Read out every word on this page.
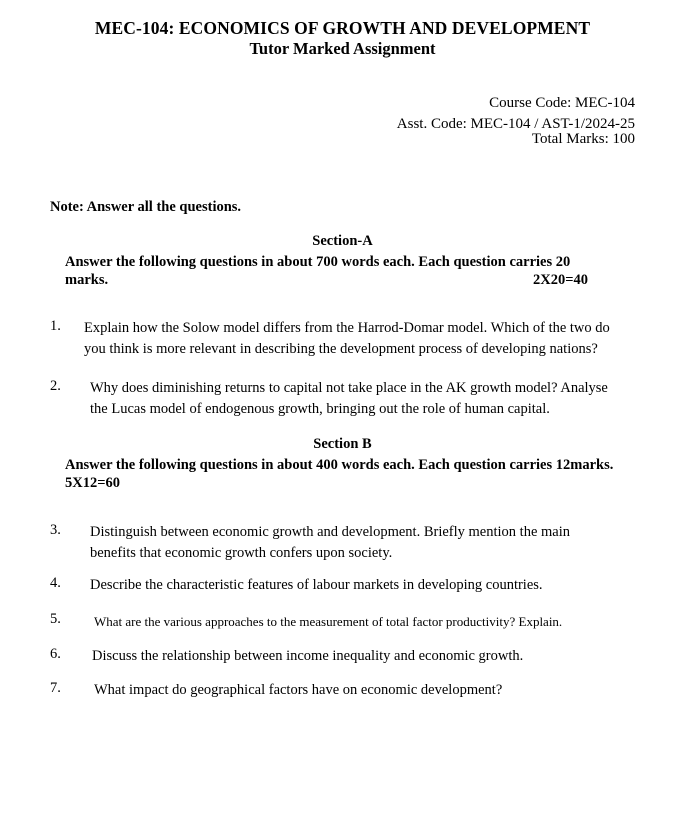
MEC-104: ECONOMICS OF GROWTH AND DEVELOPMENT
Tutor Marked Assignment
Course Code: MEC-104
Asst. Code: MEC-104 / AST-1/2024-25
Total Marks: 100
Note: Answer all the questions.
Section-A
Answer the following questions in about 700 words each. Each question carries 20
marks.	2X20=40
1. Explain how the Solow model differs from the Harrod-Domar model. Which of the two do
you think is more relevant in describing the development process of developing nations?
2. Why does diminishing returns to capital not take place in the AK growth model? Analyse
the Lucas model of endogenous growth, bringing out the role of human capital.
Section B
Answer the following questions in about 400 words each. Each question carries 12marks.
5X12=60
3. Distinguish between economic growth and development. Briefly mention the main
benefits that economic growth confers upon society.
4. Describe the characteristic features of labour markets in developing countries.
5.	What are the various approaches to the measurement of total factor productivity? Explain.
6. Discuss the relationship between income inequality and economic growth.
7. What impact do geographical factors have on economic development?
